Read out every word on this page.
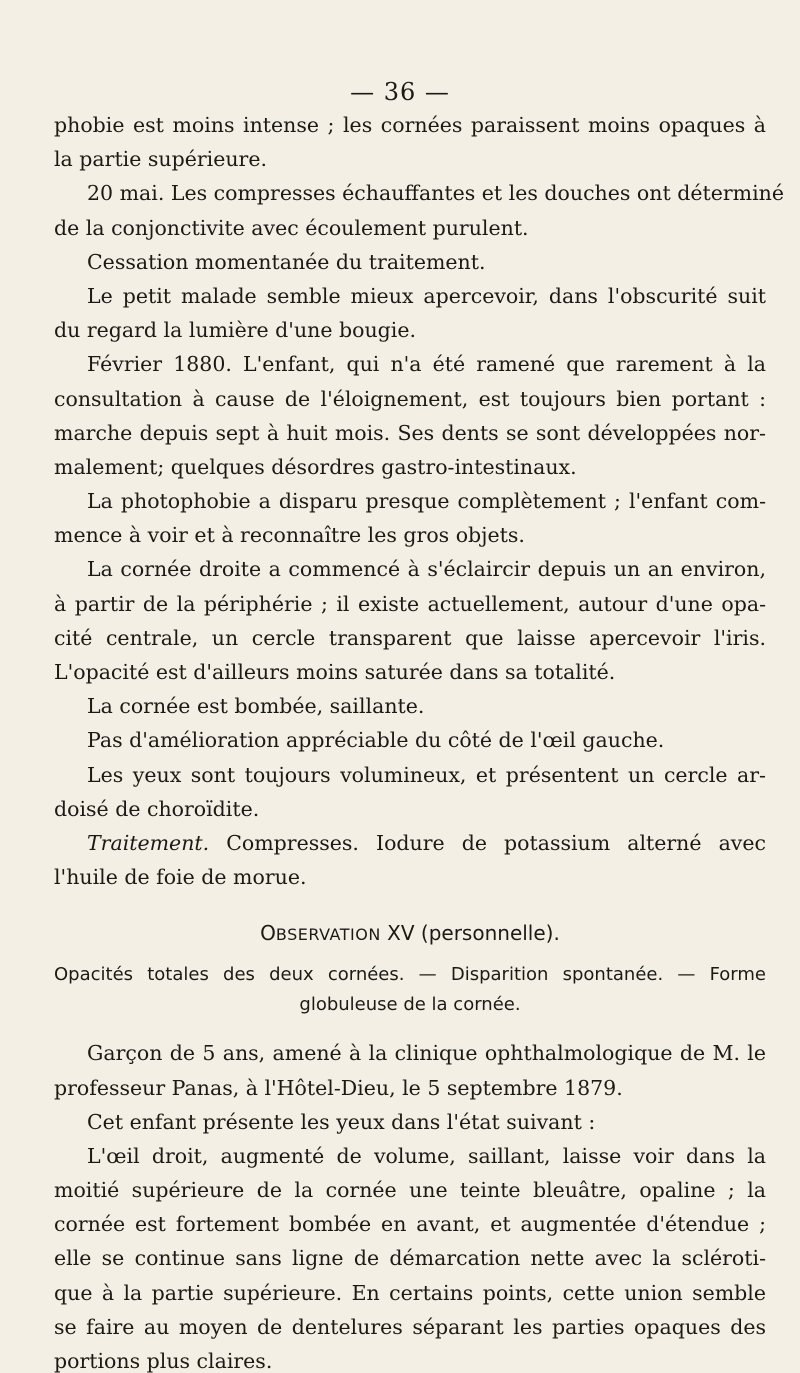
— 36 —
phobie est moins intense ; les cornées paraissent moins opaques à
la partie supérieure.
20 mai. Les compresses échauffantes et les douches ont déterminé
de la conjonctivite avec écoulement purulent.
Cessation momentanée du traitement.
Le petit malade semble mieux apercevoir, dans l'obscurité suit
du regard la lumière d'une bougie.
Février 1880. L'enfant, qui n'a été ramené que rarement à la
consultation à cause de l'éloignement, est toujours bien portant :
marche depuis sept à huit mois. Ses dents se sont développées nor-
malement; quelques désordres gastro-intestinaux.
La photophobie a disparu presque complètement ; l'enfant com-
mence à voir et à reconnaître les gros objets.
La cornée droite a commencé à s'éclaircir depuis un an environ,
à partir de la périphérie ; il existe actuellement, autour d'une opa-
cité centrale, un cercle transparent que laisse apercevoir l'iris.
L'opacité est d'ailleurs moins saturée dans sa totalité.
La cornée est bombée, saillante.
Pas d'amélioration appréciable du côté de l'œil gauche.
Les yeux sont toujours volumineux, et présentent un cercle ar-
doisé de choroïdite.
Traitement. Compresses. Iodure de potassium alterné avec
l'huile de foie de morue.
OBSERVATION XV (personnelle).
Opacités totales des deux cornées. — Disparition spontanée. — Forme
globuleuse de la cornée.
Garçon de 5 ans, amené à la clinique ophthalmologique de M. le
professeur Panas, à l'Hôtel-Dieu, le 5 septembre 1879.
Cet enfant présente les yeux dans l'état suivant :
L'œil droit, augmenté de volume, saillant, laisse voir dans la
moitié supérieure de la cornée une teinte bleuâtre, opaline ; la
cornée est fortement bombée en avant, et augmentée d'étendue ;
elle se continue sans ligne de démarcation nette avec la scléroti-
que à la partie supérieure. En certains points, cette union semble
se faire au moyen de dentelures séparant les parties opaques des
portions plus claires.
